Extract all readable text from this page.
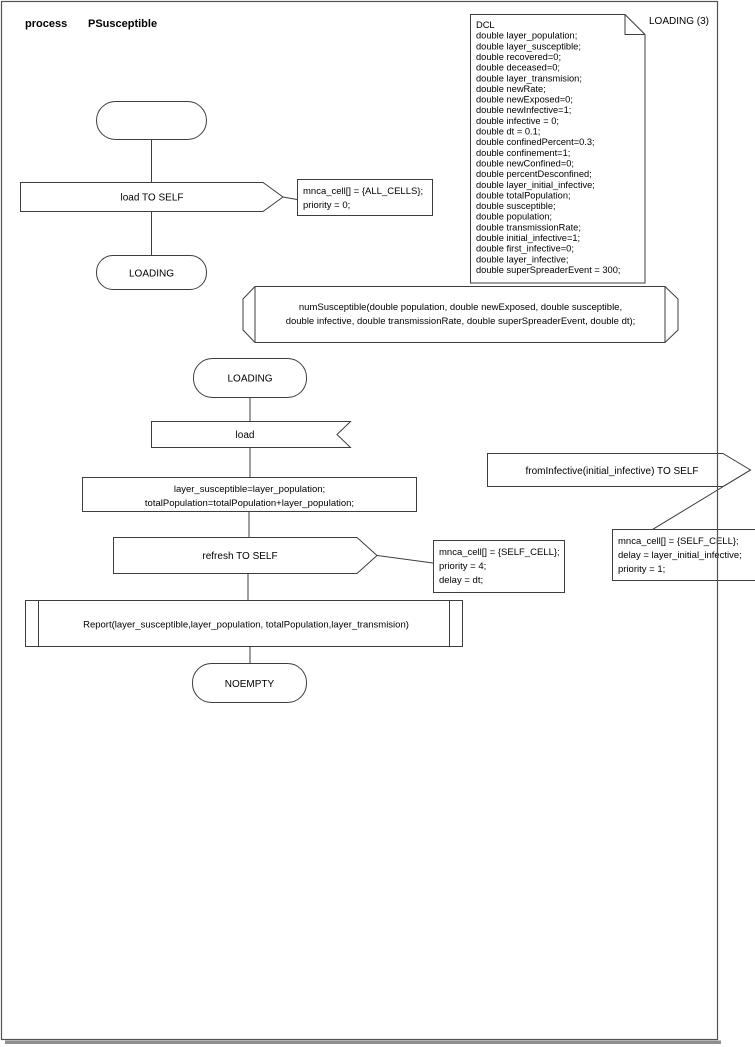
process PSusceptible	LOADING (3)
DCL double layer_population; double layer_susceptible; double recovered=0; double deceased=0; double layer_transmision; double newRate; double newExposed=0; double newInfective=1; double infective = 0; double dt = 0.1; double confinedPercent=0.3; double confinement=1; double newConfined=0; double percentDesconfined; double layer_initial_infective; double totalPopulation; double susceptible; double population; double transmissionRate; double initial_infective=1; double first_infective=0; double layer_infective; double superSpreaderEvent = 300;
load TO SELF
mnca_cell[] = {ALL_CELLS}; priority = 0;
LOADING
numSusceptible(double population, double newExposed, double susceptible, double infective, double transmissionRate, double superSpreaderEvent, double dt);
LOADING
load
layer_susceptible=layer_population; totalPopulation=totalPopulation+layer_population;
refresh TO SELF	mnca_cell[] = {SELF_CELL}; priority = 4; delay = dt;
fromInfective(initial_infective) TO SELF
mnca_cell[] = {SELF_CELL}; delay = layer_initial_infective; priority = 1;
Report(layer_susceptible,layer_population, totalPopulation,layer_transmision)
NOEMPTY
